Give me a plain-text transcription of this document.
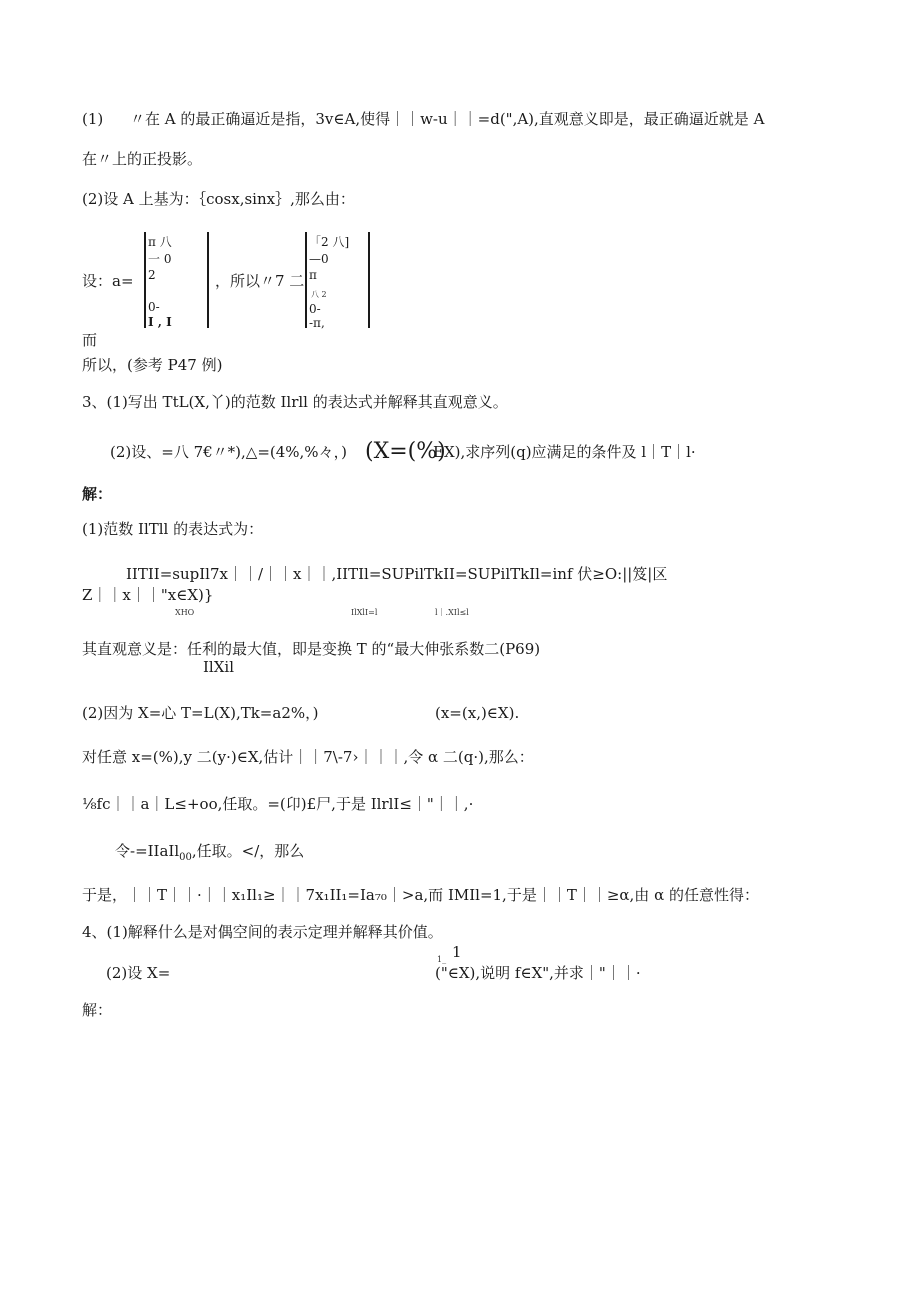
(1) 〃在 A 的最正确逼近是指，3v∈A,使得｜｜w-u｜｜=d(",A),直观意义即是，最正确逼近就是 A
在〃上的正投影。
(2)设 A 上基为：｛cosx,sinx｝,那么由：
设：a=
π 八
一 0
2
0-
I , I
，所以〃7 二
「2 八]
—0
π
八 2
0-
-π,
而
所以，(参考 P47 例)
3、(1)写出 TtL(X,丫)的范数 Ilrll 的表达式并解释其直观意义。
(2)设、=八 7€〃*),△=(4%,%々，) (X=(%)
EX),求序列(q)应满足的条件及 l｜T｜l·
解：
(1)范数 IlTll 的表达式为：
IITII=supIl7x｜｜/｜｜x｜｜,IITIl=SUPilTkII=SUPilTkIl=inf 伏≥O:||笈|区
Z｜｜x｜｜"x∈X)}
XHO	IlXlI=l	l｜.XIl≤l
其直观意义是：任利的最大值，即是变换 T 的“最大伸张系数二(P69)
IlXil
(2)因为 X=心 T=L(X),Tk=a2%，)	(x=(x,)∈X).
对任意 x=(%),y 二(y·)∈X,估计｜｜7\-7›｜｜｜,令 α 二(q·),那么：
⅛fc｜｜a｜L≤+oo,任取。=(卬)£尸,于是 IlrlI≤｜"｜｜,·
令-=IIaIl$_{00}$,任取。</，那么
于是，｜｜T｜｜·｜｜x₁Il₁≥｜｜7x₁II₁=Ia₇₀｜>a,而 IMIl=1,于是｜｜T｜｜≥α,由 α 的任意性得：
4、(1)解释什么是对偶空间的表示定理并解释其价值。
1
1_
(2)设 X=	("∈X),说明 f∈X",并求｜"｜｜·
解：
